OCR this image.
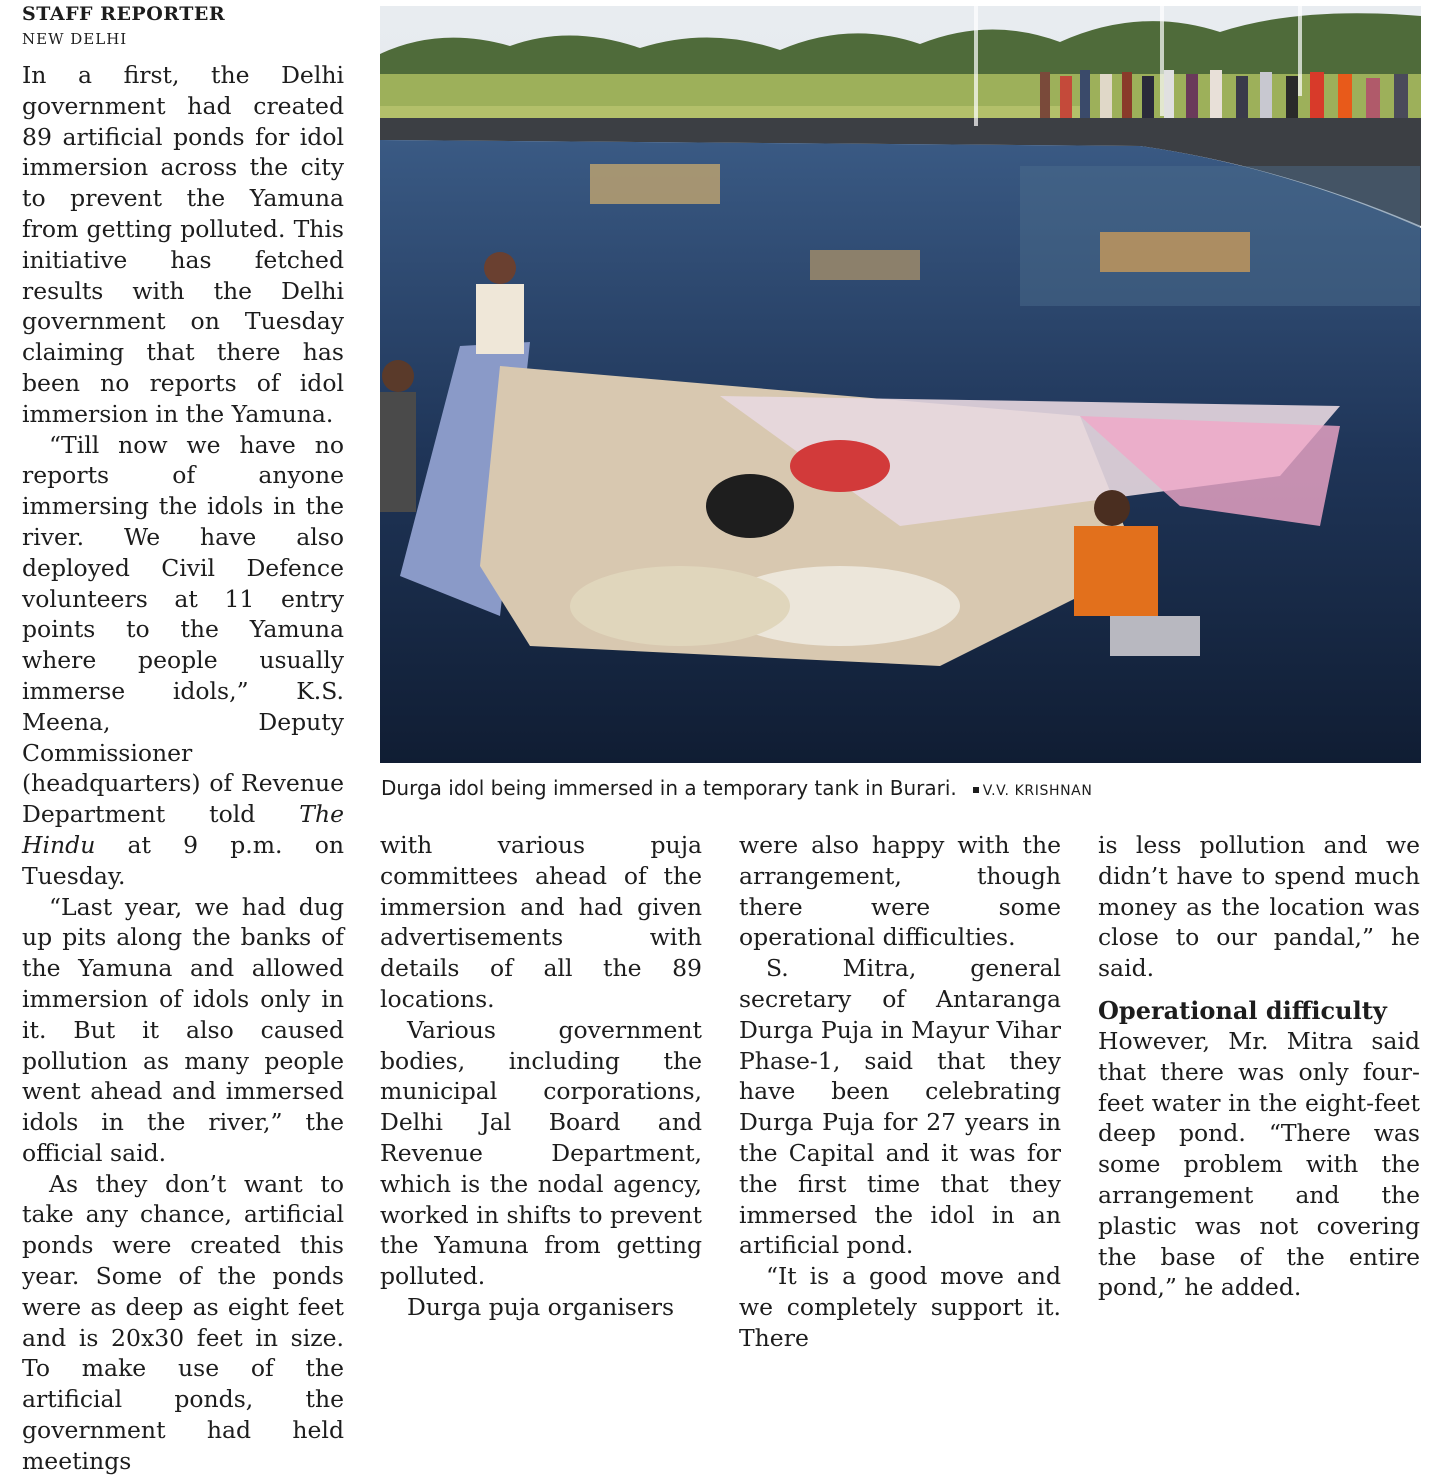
STAFF REPORTER
NEW DELHI

In a first, the Delhi government had created 89 artificial ponds for idol immersion across the city to prevent the Yamuna from getting polluted. This initiative has fetched results with the Delhi government on Tuesday claiming that there has been no reports of idol immersion in the Yamuna.

“Till now we have no reports of anyone immersing the idols in the river. We have also deployed Civil Defence volunteers at 11 entry points to the Yamuna where people usually immerse idols,” K.S. Meena, Deputy Commissioner (headquarters) of Revenue Department told The Hindu at 9 p.m. on Tuesday.

“Last year, we had dug up pits along the banks of the Yamuna and allowed immersion of idols only in it. But it also caused pollution as many people went ahead and immersed idols in the river,” the official said.

As they don’t want to take any chance, artificial ponds were created this year. Some of the ponds were as deep as eight feet and is 20x30 feet in size. To make use of the artificial ponds, the government had held meetings

Durga idol being immersed in a temporary tank in Burari. V.V. KRISHNAN

with various puja committees ahead of the immersion and had given advertisements with details of all the 89 locations.

Various government bodies, including the municipal corporations, Delhi Jal Board and Revenue Department, which is the nodal agency, worked in shifts to prevent the Yamuna from getting polluted.

Durga puja organisers

were also happy with the arrangement, though there were some operational difficulties.

S. Mitra, general secretary of Antaranga Durga Puja in Mayur Vihar Phase-1, said that they have been celebrating Durga Puja for 27 years in the Capital and it was for the first time that they immersed the idol in an artificial pond.

“It is a good move and we completely support it. There

is less pollution and we didn’t have to spend much money as the location was close to our pandal,” he said.

Operational difficulty

However, Mr. Mitra said that there was only four-feet water in the eight-feet deep pond. “There was some problem with the arrangement and the plastic was not covering the base of the entire pond,” he added.
